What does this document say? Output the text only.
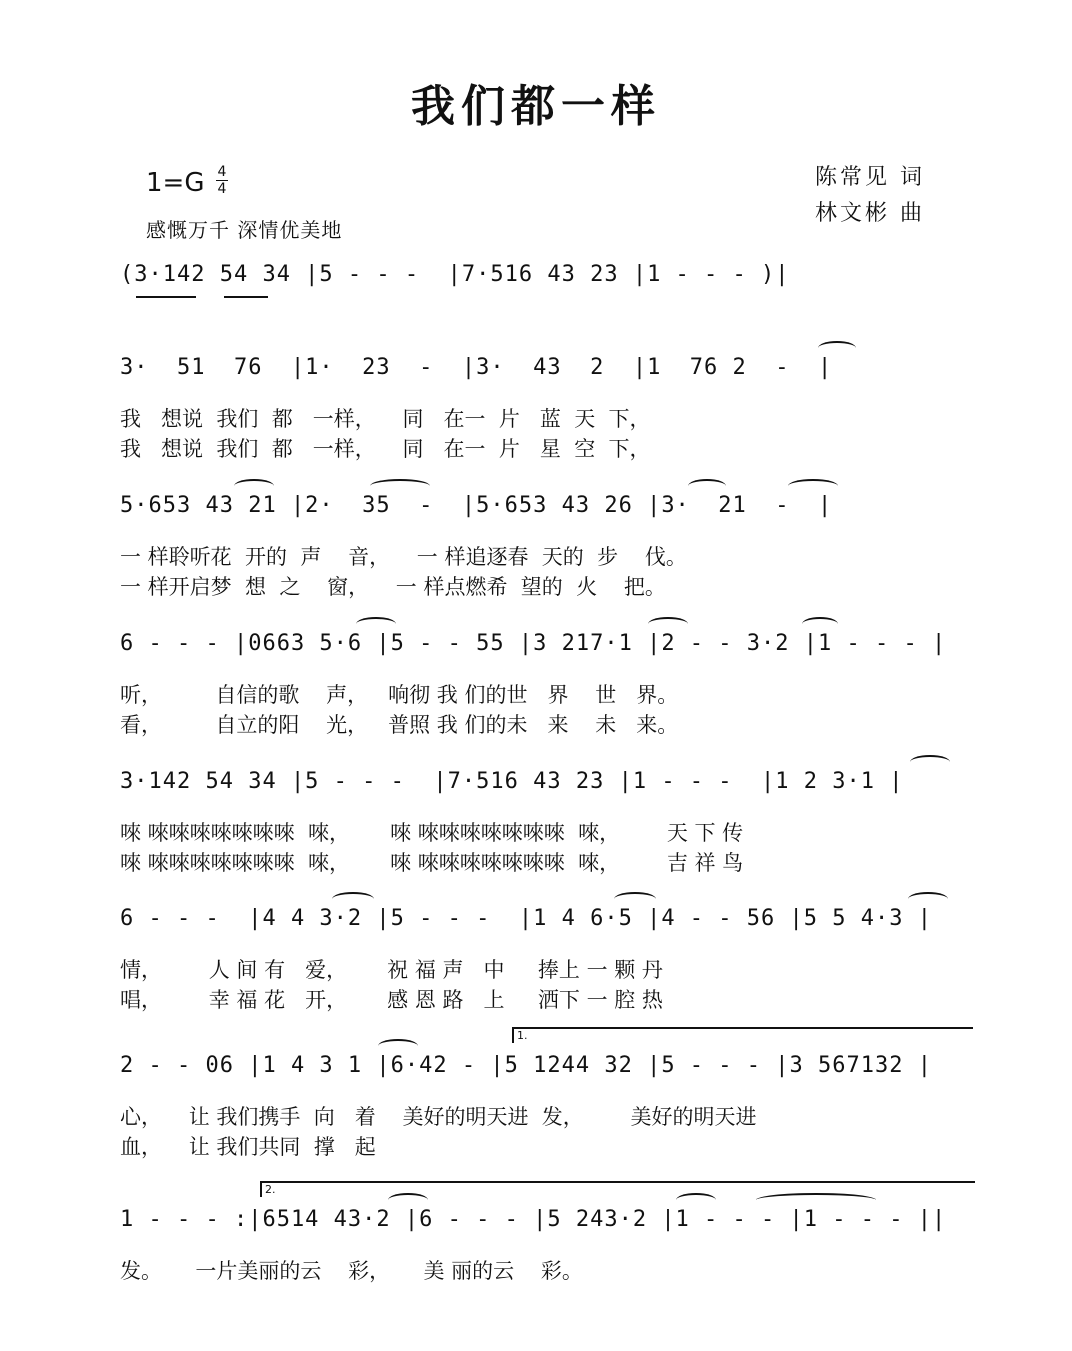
我们都一样
1=G 4
4
感慨万千 深情优美地
陈常见 词
林文彬 曲
(3·142 54 34 |5 - - -  |7·516 43 23 |1 - - - )|
3·  51  76  |1·  23  -  |3·  43  2  |1  76 2  -  |
我   想说  我们  都   一样，    同   在一  片   蓝  天  下，
我   想说  我们  都   一样，    同   在一  片   星  空  下，
5·653 43 21 |2·  35  -  |5·653 43 26 |3·  21  -  |
一 样聆听花  开的  声    音，    一 样追逐春  天的  步    伐。
一 样开启梦  想  之    窗，    一 样点燃希  望的  火    把。
6 - - - |0663 5·6 |5 - - 55 |3 217·1 |2 - - 3·2 |1 - - - |
听，        自信的歌    声，   响彻 我 们的世   界    世   界。
看，        自立的阳    光，   普照 我 们的未   来    未   来。
3·142 54 34 |5 - - -  |7·516 43 23 |1 - - -  |1 2 3·1 |
唻 唻唻唻唻唻唻唻  唻，      唻 唻唻唻唻唻唻唻  唻，       天 下 传
唻 唻唻唻唻唻唻唻  唻，      唻 唻唻唻唻唻唻唻  唻，       吉 祥 鸟
6 - - -  |4 4 3·2 |5 - - -  |1 4 6·5 |4 - - 56 |5 5 4·3 |
情，       人 间 有   爱，      祝 福 声   中     捧上 一 颗 丹
唱，       幸 福 花   开，      感 恩 路   上     洒下 一 腔 热
1.
2 - - 06 |1 4 3 1 |6·42 - |5 1244 32 |5 - - - |3 567132 |
心，    让 我们携手  向   着    美好的明天进  发，       美好的明天进
血，    让 我们共同  撑   起
2.
1 - - - :|6514 43·2 |6 - - - |5 243·2 |1 - - - |1 - - - ||
发。     一片美丽的云    彩，     美 丽的云    彩。
